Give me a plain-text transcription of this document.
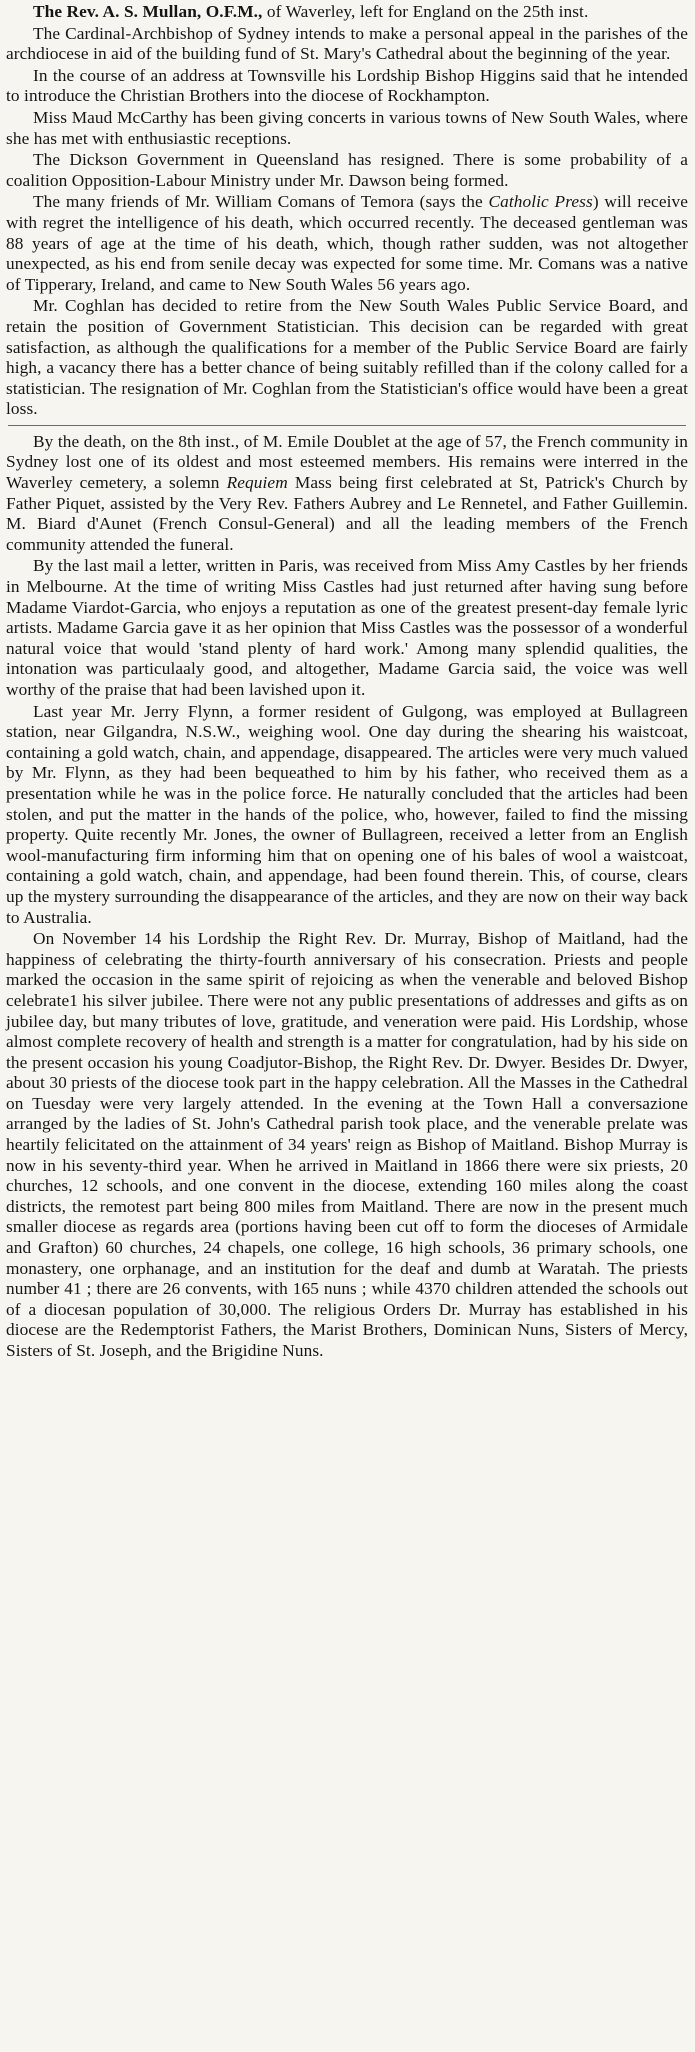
The Rev. A. S. Mullan, O.F.M., of Waverley, left for England on the 25th inst.

The Cardinal-Archbishop of Sydney intends to make a personal appeal in the parishes of the archdiocese in aid of the building fund of St. Mary's Cathedral about the beginning of the year.

In the course of an address at Townsville his Lordship Bishop Higgins said that he intended to introduce the Christian Brothers into the diocese of Rockhampton.

Miss Maud McCarthy has been giving concerts in various towns of New South Wales, where she has met with enthusiastic receptions.

The Dickson Government in Queensland has resigned. There is some probability of a coalition Opposition-Labour Ministry under Mr. Dawson being formed.

The many friends of Mr. William Comans of Temora (says the Catholic Press) will receive with regret the intelligence of his death, which occurred recently. The deceased gentleman was 88 years of age at the time of his death, which, though rather sudden, was not altogether unexpected, as his end from senile decay was expected for some time. Mr. Comans was a native of Tipperary, Ireland, and came to New South Wales 56 years ago.

Mr. Coghlan has decided to retire from the New South Wales Public Service Board, and retain the position of Government Statistician. This decision can be regarded with great satisfaction, as although the qualifications for a member of the Public Service Board are fairly high, a vacancy there has a better chance of being suitably refilled than if the colony called for a statistician. The resignation of Mr. Coghlan from the Statistician's office would have been a great loss.

By the death, on the 8th inst., of M. Emile Doublet at the age of 57, the French community in Sydney lost one of its oldest and most esteemed members. His remains were interred in the Waverley cemetery, a solemn Requiem Mass being first celebrated at St, Patrick's Church by Father Piquet, assisted by the Very Rev. Fathers Aubrey and Le Rennetel, and Father Guillemin. M. Biard d'Aunet (French Consul-General) and all the leading members of the French community attended the funeral.

By the last mail a letter, written in Paris, was received from Miss Amy Castles by her friends in Melbourne. At the time of writing Miss Castles had just returned after having sung before Madame Viardot-Garcia, who enjoys a reputation as one of the greatest present-day female lyric artists. Madame Garcia gave it as her opinion that Miss Castles was the possessor of a wonderful natural voice that would 'stand plenty of hard work.' Among many splendid qualities, the intonation was particulaaly good, and altogether, Madame Garcia said, the voice was well worthy of the praise that had been lavished upon it.

Last year Mr. Jerry Flynn, a former resident of Gulgong, was employed at Bullagreen station, near Gilgandra, N.S.W., weighing wool. One day during the shearing his waistcoat, containing a gold watch, chain, and appendage, disappeared. The articles were very much valued by Mr. Flynn, as they had been bequeathed to him by his father, who received them as a presentation while he was in the police force. He naturally concluded that the articles had been stolen, and put the matter in the hands of the police, who, however, failed to find the missing property. Quite recently Mr. Jones, the owner of Bullagreen, received a letter from an English wool-manufacturing firm informing him that on opening one of his bales of wool a waistcoat, containing a gold watch, chain, and appendage, had been found therein. This, of course, clears up the mystery surrounding the disappearance of the articles, and they are now on their way back to Australia.

On November 14 his Lordship the Right Rev. Dr. Murray, Bishop of Maitland, had the happiness of celebrating the thirty-fourth anniversary of his consecration. Priests and people marked the occasion in the same spirit of rejoicing as when the venerable and beloved Bishop celebrate1 his silver jubilee. There were not any public presentations of addresses and gifts as on jubilee day, but many tributes of love, gratitude, and veneration were paid. His Lordship, whose almost complete recovery of health and strength is a matter for congratulation, had by his side on the present occasion his young Coadjutor-Bishop, the Right Rev. Dr. Dwyer. Besides Dr. Dwyer, about 30 priests of the diocese took part in the happy celebration. All the Masses in the Cathedral on Tuesday were very largely attended. In the evening at the Town Hall a conversazione arranged by the ladies of St. John's Cathedral parish took place, and the venerable prelate was heartily felicitated on the attainment of 34 years' reign as Bishop of Maitland. Bishop Murray is now in his seventy-third year. When he arrived in Maitland in 1866 there were six priests, 20 churches, 12 schools, and one convent in the diocese, extending 160 miles along the coast districts, the remotest part being 800 miles from Maitland. There are now in the present much smaller diocese as regards area (portions having been cut off to form the dioceses of Armidale and Grafton) 60 churches, 24 chapels, one college, 16 high schools, 36 primary schools, one monastery, one orphanage, and an institution for the deaf and dumb at Waratah. The priests number 41 ; there are 26 convents, with 165 nuns ; while 4370 children attended the schools out of a diocesan population of 30,000. The religious Orders Dr. Murray has established in his diocese are the Redemptorist Fathers, the Marist Brothers, Dominican Nuns, Sisters of Mercy, Sisters of St. Joseph, and the Brigidine Nuns.
